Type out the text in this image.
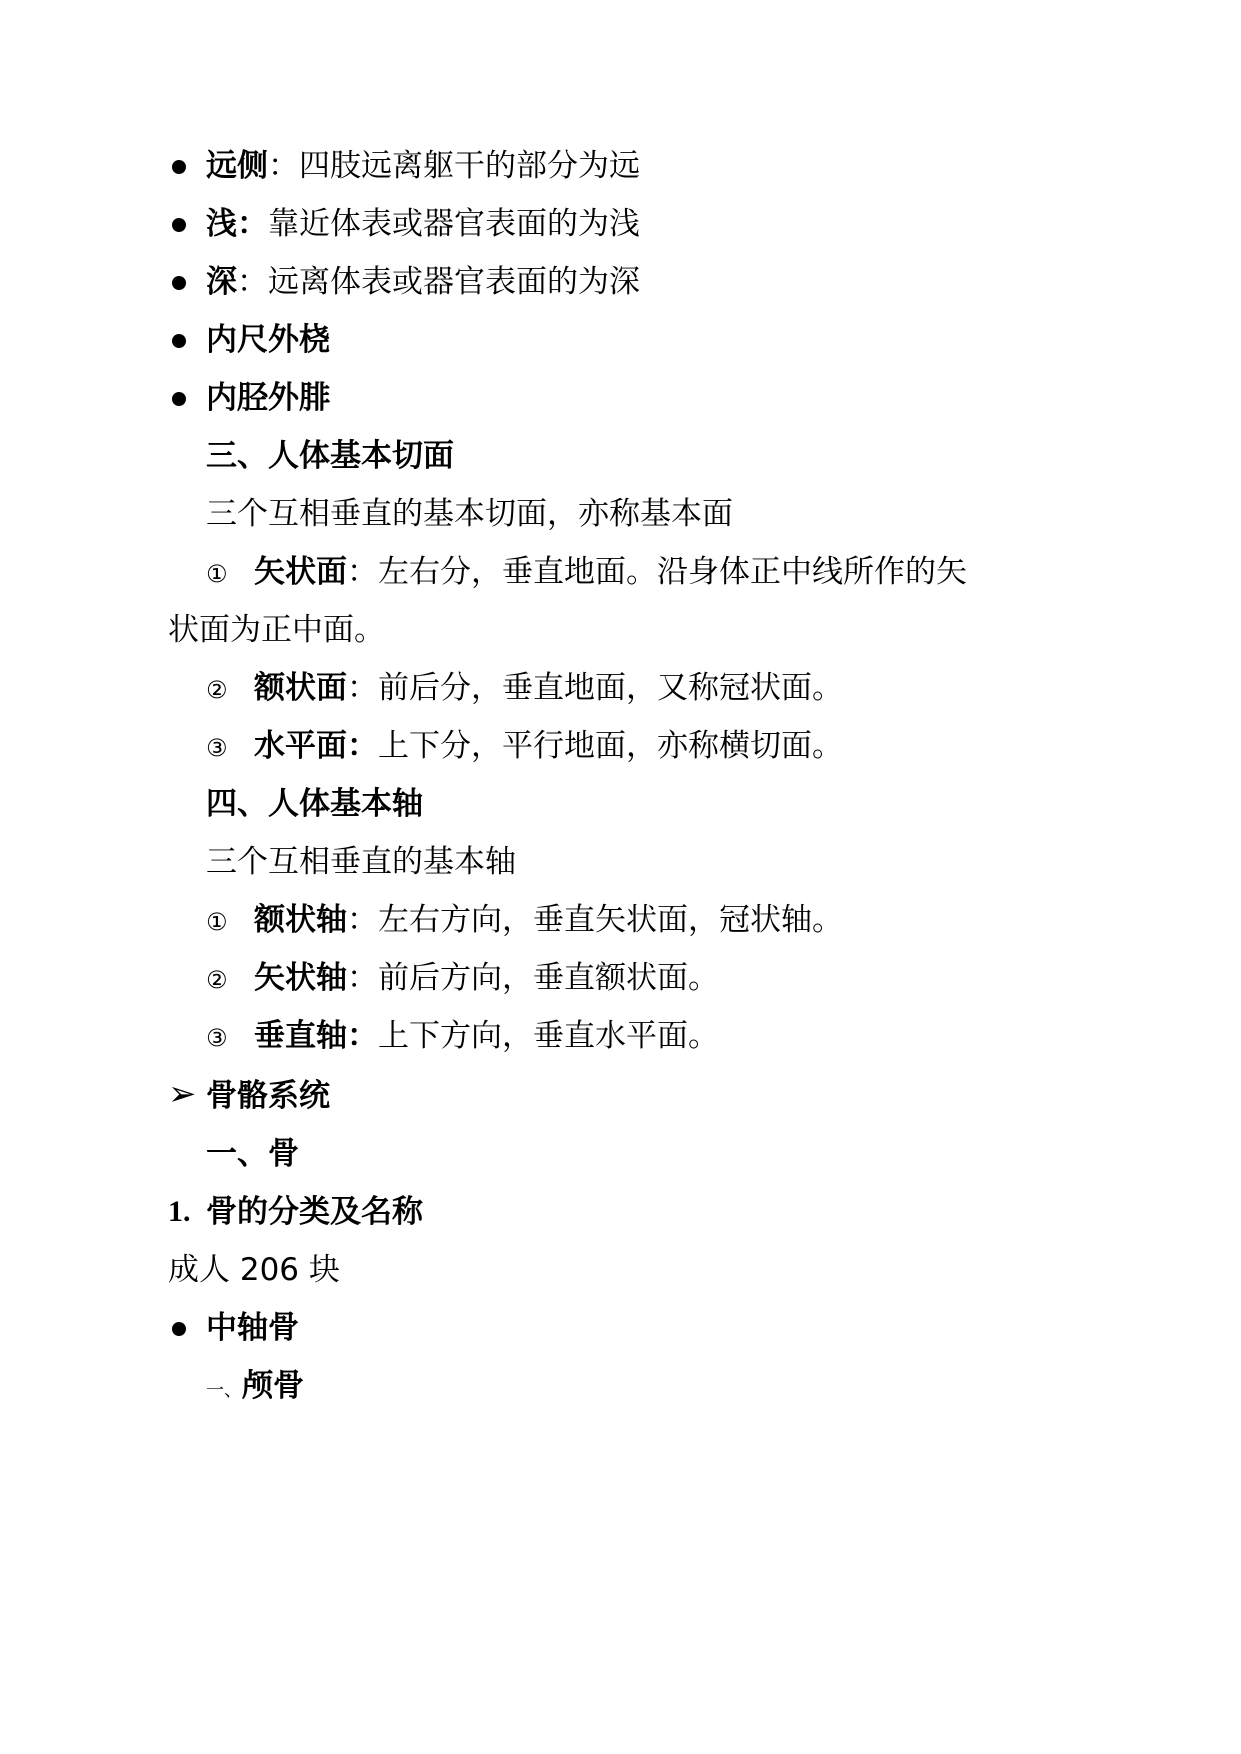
远侧：四肢远离躯干的部分为远
浅：靠近体表或器官表面的为浅
深：远离体表或器官表面的为深
内尺外桡
内胫外腓
三、人体基本切面
三个互相垂直的基本切面，亦称基本面
① 矢状面：左右分，垂直地面。沿身体正中线所作的矢
状面为正中面。
② 额状面：前后分，垂直地面，又称冠状面。
③ 水平面：上下分，平行地面，亦称横切面。
四、人体基本轴
三个互相垂直的基本轴
① 额状轴：左右方向，垂直矢状面，冠状轴。
② 矢状轴：前后方向，垂直额状面。
③ 垂直轴：上下方向，垂直水平面。
➢ 骨骼系统
一、骨
1. 骨的分类及名称
成人 206 块
中轴骨
一、颅骨
